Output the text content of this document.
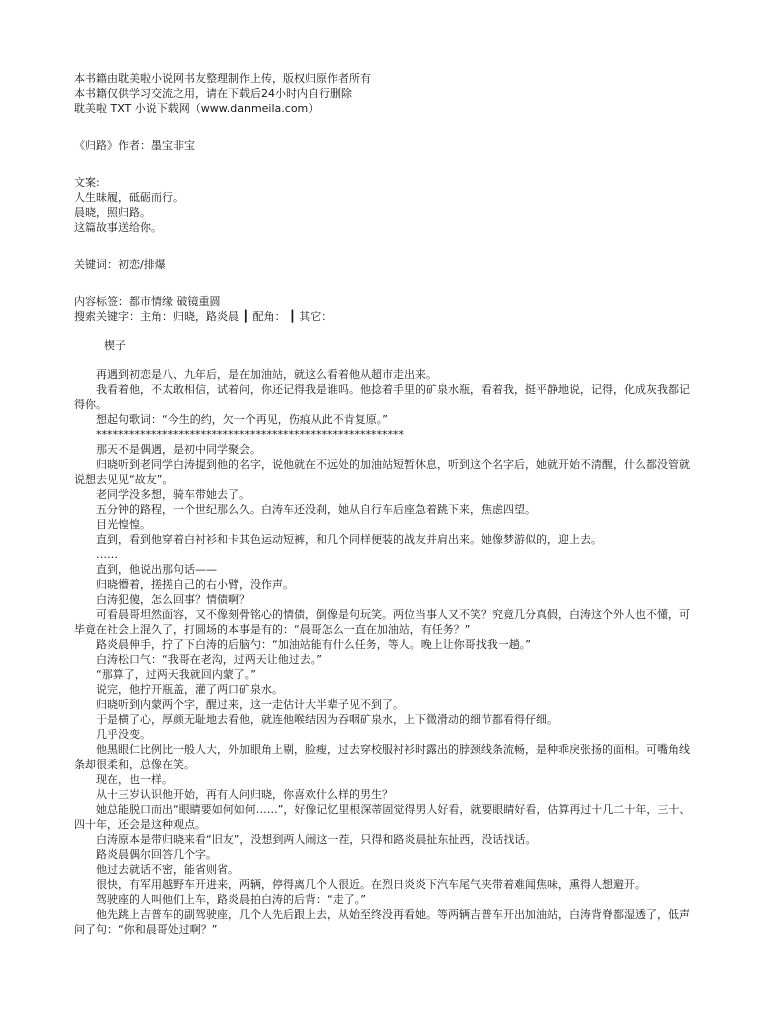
本书籍由耽美啦小说网书友整理制作上传，版权归原作者所有
本书籍仅供学习交流之用，请在下载后24小时内自行删除
耽美啦 TXT 小说下载网（www.danmeila.com）
《归路》作者：墨宝非宝
文案:
人生昧履，砥砺而行。
晨晓，照归路。
这篇故事送给你。
关键词：初恋/排爆
内容标签：都市情缘 破镜重圆
搜索关键字：主角：归晓，路炎晨 ┃ 配角： ┃ 其它：
楔子
再遇到初恋是八、九年后，是在加油站，就这么看着他从超市走出来。
我看着他，不太敢相信，试着问，你还记得我是谁吗。他捻着手里的矿泉水瓶，看着我，挺平静地说，记得，化成灰我都记得你。
想起句歌词：“今生的约，欠一个再见，伤痕从此不肯复原。”
********************************************************
那天不是偶遇，是初中同学聚会。
归晓听到老同学白涛提到他的名字，说他就在不远处的加油站短暂休息，听到这个名字后，她就开始不清醒，什么都没管就说想去见见“故友”。
老同学没多想，骑车带她去了。
五分钟的路程，一个世纪那么久。白涛车还没刹，她从自行车后座急着跳下来，焦虑四望。
目光惶惶。
直到，看到他穿着白衬衫和卡其色运动短裤，和几个同样便装的战友并肩出来。她像梦游似的，迎上去。
……
直到，他说出那句话——
归晓懵着，搓搓自己的右小臂，没作声。
白涛犯傻，怎么回事？情债啊？
可看晨哥坦然面容，又不像刻骨铭心的情债，倒像是句玩笑。两位当事人又不笑？究竟几分真假，白涛这个外人也不懂，可毕竟在社会上混久了，打圆场的本事是有的：“晨哥怎么一直在加油站，有任务？”
路炎晨伸手，拧了下白涛的后脑勺：“加油站能有什么任务，等人。晚上让你哥找我一趟。”
白涛松口气：“我哥在老沟，过两天让他过去。”
“那算了，过两天我就回内蒙了。”
说完，他拧开瓶盖，灌了两口矿泉水。
归晓听到内蒙两个字，醒过来，这一走估计大半辈子见不到了。
于是横了心，厚颜无耻地去看他，就连他喉结因为吞咽矿泉水，上下微滑动的细节都看得仔细。
几乎没变。
他黑眼仁比例比一般人大，外加眼角上剔，脸瘦，过去穿校服衬衫时露出的脖颈线条流畅，是种乖戾张扬的面相。可嘴角线条却很柔和，总像在笑。
现在，也一样。
从十三岁认识他开始，再有人问归晓，你喜欢什么样的男生？
她总能脱口而出“眼睛要如何如何……”，好像记忆里根深蒂固觉得男人好看，就要眼睛好看，估算再过十几二十年，三十、四十年，还会是这种观点。
白涛原本是带归晓来看“旧友”，没想到两人闹这一茬，只得和路炎晨扯东扯西，没话找话。
路炎晨偶尔回答几个字。
他过去就话不密，能省则省。
很快，有军用越野车开进来，两辆，停得离几个人很近。在烈日炎炎下汽车尾气夹带着难闻焦味，熏得人想避开。
驾驶座的人叫他们上车，路炎晨拍白涛的后背：“走了。”
他先跳上吉普车的副驾驶座，几个人先后跟上去，从始至终没再看她。等两辆吉普车开出加油站，白涛背脊都湿透了，低声问了句：“你和晨哥处过啊？”
